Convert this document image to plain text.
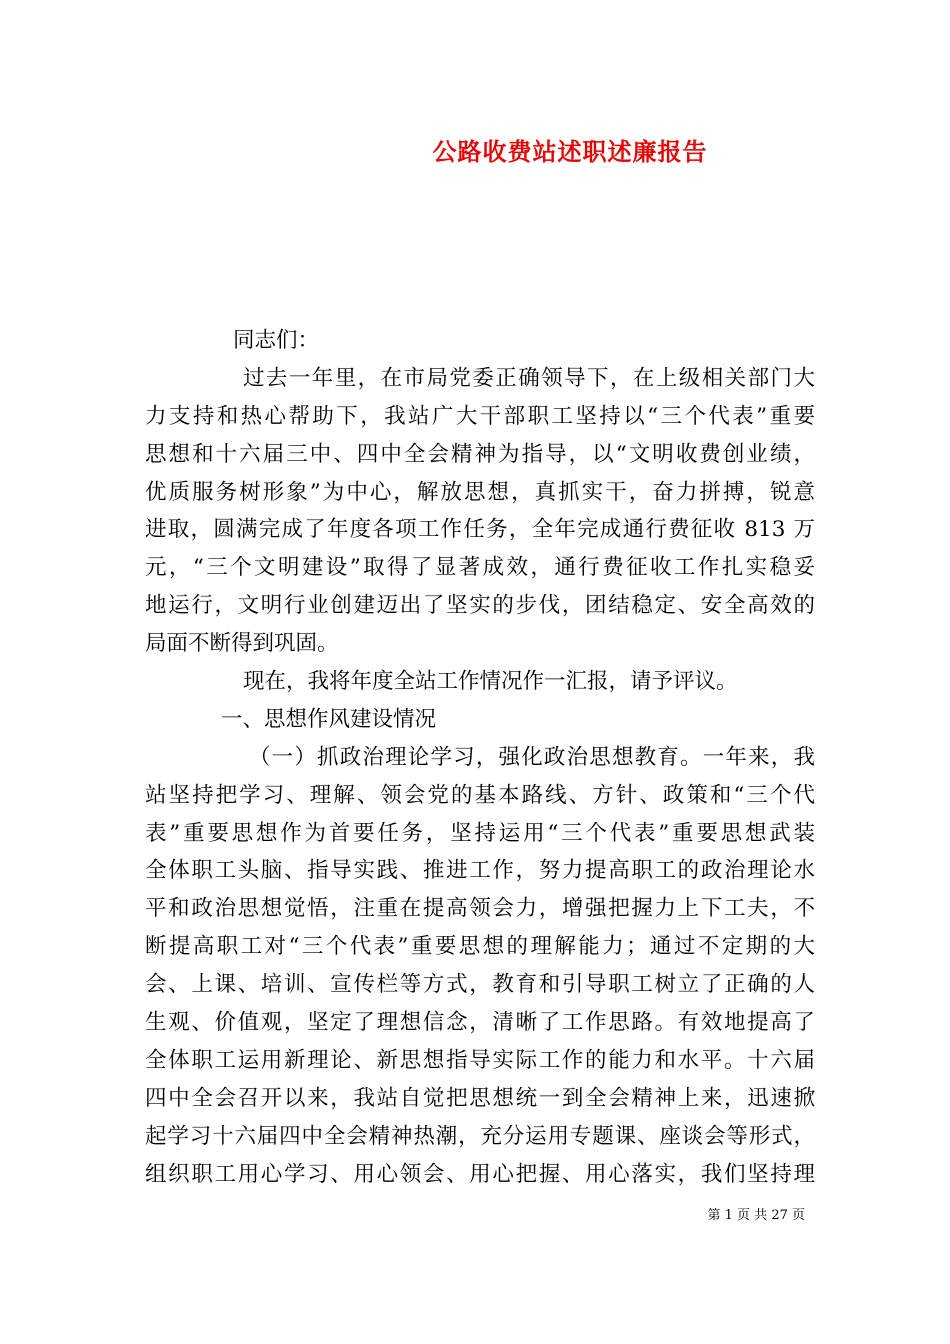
公路收费站述职述廉报告
同志们：
过去一年里，在市局党委正确领导下，在上级相关部门大
力支持和热心帮助下，我站广大干部职工坚持以“三个代表”重要
思想和十六届三中、四中全会精神为指导，以“文明收费创业绩，
优质服务树形象”为中心，解放思想，真抓实干，奋力拼搏，锐意
进取，圆满完成了年度各项工作任务，全年完成通行费征收 813 万
元，“三个文明建设”取得了显著成效，通行费征收工作扎实稳妥
地运行，文明行业创建迈出了坚实的步伐，团结稳定、安全高效的
局面不断得到巩固。
现在，我将年度全站工作情况作一汇报，请予评议。
一、思想作风建设情况
（一）抓政治理论学习，强化政治思想教育。一年来，我
站坚持把学习、理解、领会党的基本路线、方针、政策和“三个代
表”重要思想作为首要任务，坚持运用“三个代表”重要思想武装
全体职工头脑、指导实践、推进工作，努力提高职工的政治理论水
平和政治思想觉悟，注重在提高领会力，增强把握力上下工夫，不
断提高职工对“三个代表”重要思想的理解能力；通过不定期的大
会、上课、培训、宣传栏等方式，教育和引导职工树立了正确的人
生观、价值观，坚定了理想信念，清晰了工作思路。有效地提高了
全体职工运用新理论、新思想指导实际工作的能力和水平。十六届
四中全会召开以来，我站自觉把思想统一到全会精神上来，迅速掀
起学习十六届四中全会精神热潮，充分运用专题课、座谈会等形式，
组织职工用心学习、用心领会、用心把握、用心落实，我们坚持理
第 1 页 共 27 页
